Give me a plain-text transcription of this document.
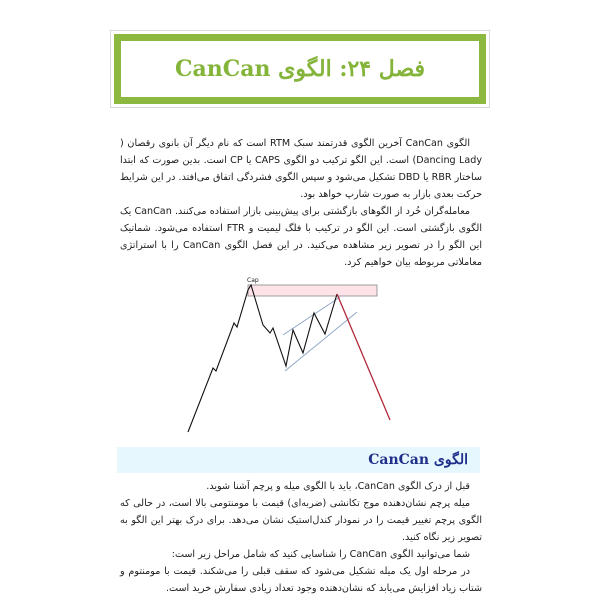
فصل ۲۴: الگوی CanCan

الگوی CanCan آخرین الگوی قدرتمند سبک RTM است که نام دیگر آن بانوی رقصان ( Dancing Lady) است. این الگو ترکیب دو الگوی CAPS یا CP است. بدین صورت که ابتدا ساختار RBR یا DBD تشکیل می‌شود و سپس الگوی فشردگی اتفاق می‌افتد. در این شرایط حرکت بعدی بازار به صورت شارپ خواهد بود.

معامله‌گران خُرد از الگوهای بازگشتی برای پیش‌بینی بازار استفاده می‌کنند. CanCan یک الگوی بازگشتی است. این الگو در ترکیب با فلگ لیمیت و FTR استفاده می‌شود. شماتیک این الگو را در تصویر زیر مشاهده می‌کنید. در این فصل الگوی CanCan را با استراتژی معاملاتی مربوطه بیان خواهیم کرد.

Cap
الگوی CanCan

قبل از درک الگوی CanCan، باید با الگوی میله و پرچم آشنا شوید.

میله پرچم نشان‌دهنده موج تکانشی (ضربه‌ای) قیمت با مومنتومی بالا است، در حالی که الگوی پرچم تغییر قیمت را در نمودار کندل‌استیک نشان می‌دهد. برای درک بهتر این الگو به تصویر زیر نگاه کنید.

شما می‌توانید الگوی CanCan را شناسایی کنید که شامل مراحل زیر است:

در مرحله اول یک میله تشکیل می‌شود که سقف قبلی را می‌شکند. قیمت با مومنتوم و شتاب زیاد افزایش می‌یابد که نشان‌دهنده وجود تعداد زیادی سفارش خرید است.
